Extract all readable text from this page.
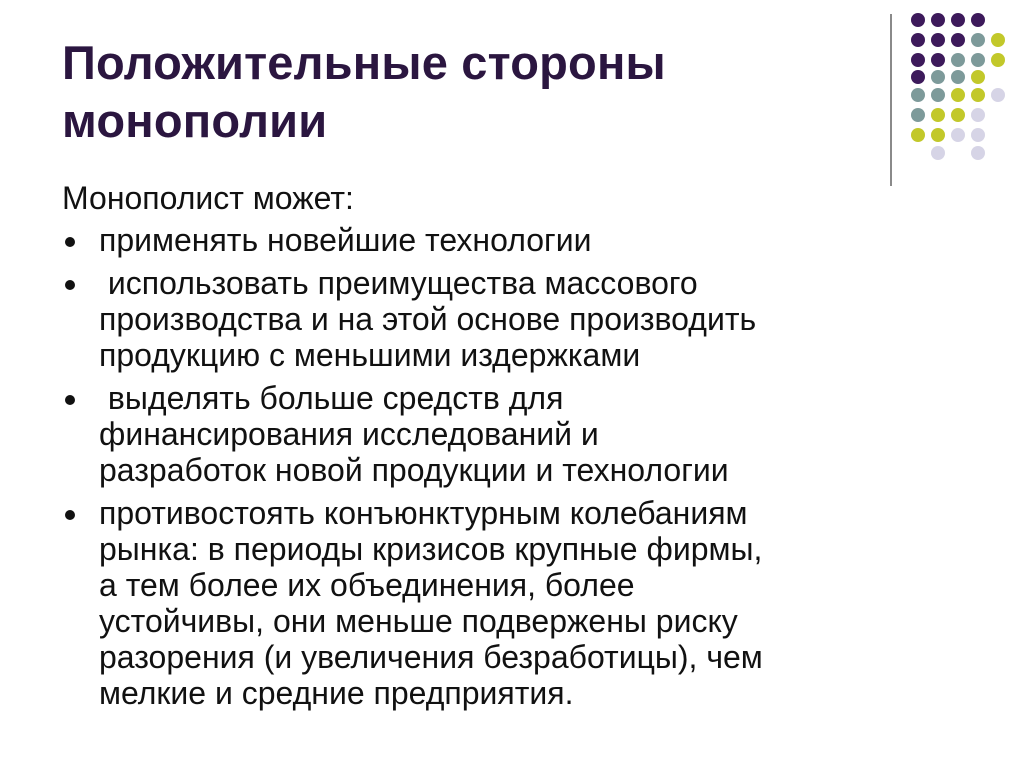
Положительные стороны
монополии
Монополист может:
применять новейшие технологии
использовать преимущества массового
производства и на этой основе производить
продукцию с меньшими издержками
выделять больше средств для
финансирования исследований и
разработок новой продукции и технологии
противостоять конъюнктурным колебаниям
рынка: в периоды кризисов крупные фирмы,
а тем более их объединения, более
устойчивы, они меньше подвержены риску
разорения (и увеличения безработицы), чем
мелкие и средние предприятия.
